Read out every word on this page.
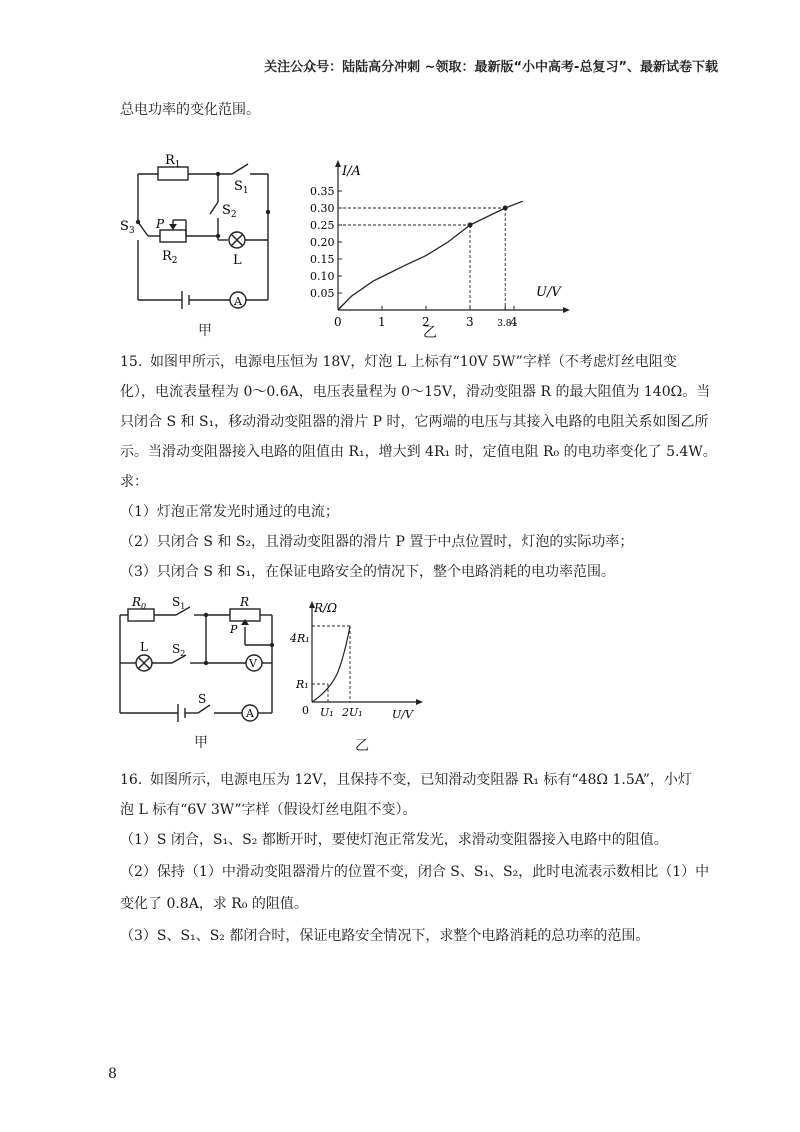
关注公众号：陆陆高分冲刺 ~领取：最新版“小中高考-总复习”、最新试卷下载
总电功率的变化范围。
$R_1$
$S_1$
$S_2$
$S_3$ P
$R_2$	L
A
甲
I/A
U/V
0.35
0.30
0.25
0.20
0.15
0.10
0.05
0	1	2	3	3.8
4
乙
15. 如图甲所示，电源电压恒为 18V，灯泡 L 上标有“10V 5W”字样（不考虑灯丝电阻变
化），电流表量程为 0～0.6A，电压表量程为 0～15V，滑动变阻器 R 的最大阻值为 140Ω。当
只闭合 S 和 S₁，移动滑动变阻器的滑片 P 时，它两端的电压与其接入电路的电阻关系如图乙所
示。当滑动变阻器接入电路的阻值由 R₁，增大到 4R₁ 时，定值电阻 R₀ 的电功率变化了 5.4W。
求：
（1）灯泡正常发光时通过的电流；
（2）只闭合 S 和 S₂，且滑动变阻器的滑片 P 置于中点位置时，灯泡的实际功率；
（3）只闭合 S 和 S₁，在保证电路安全的情况下，整个电路消耗的电功率范围。
$R_0$ $S_1$	R
P
L $S_2$
V
S
A
甲
R/Ω
U/V
4R₁
R₁
0 U₁ 2U₁
乙
16. 如图所示，电源电压为 12V，且保持不变，已知滑动变阻器 R₁ 标有“48Ω 1.5A”，小灯
泡 L 标有“6V 3W”字样（假设灯丝电阻不变）。
（1）S 闭合，S₁、S₂ 都断开时，要使灯泡正常发光，求滑动变阻器接入电路中的阻值。
（2）保持（1）中滑动变阻器滑片的位置不变，闭合 S、S₁、S₂，此时电流表示数相比（1）中
变化了 0.8A，求 R₀ 的阻值。
（3）S、S₁、S₂ 都闭合时，保证电路安全情况下，求整个电路消耗的总功率的范围。
8
